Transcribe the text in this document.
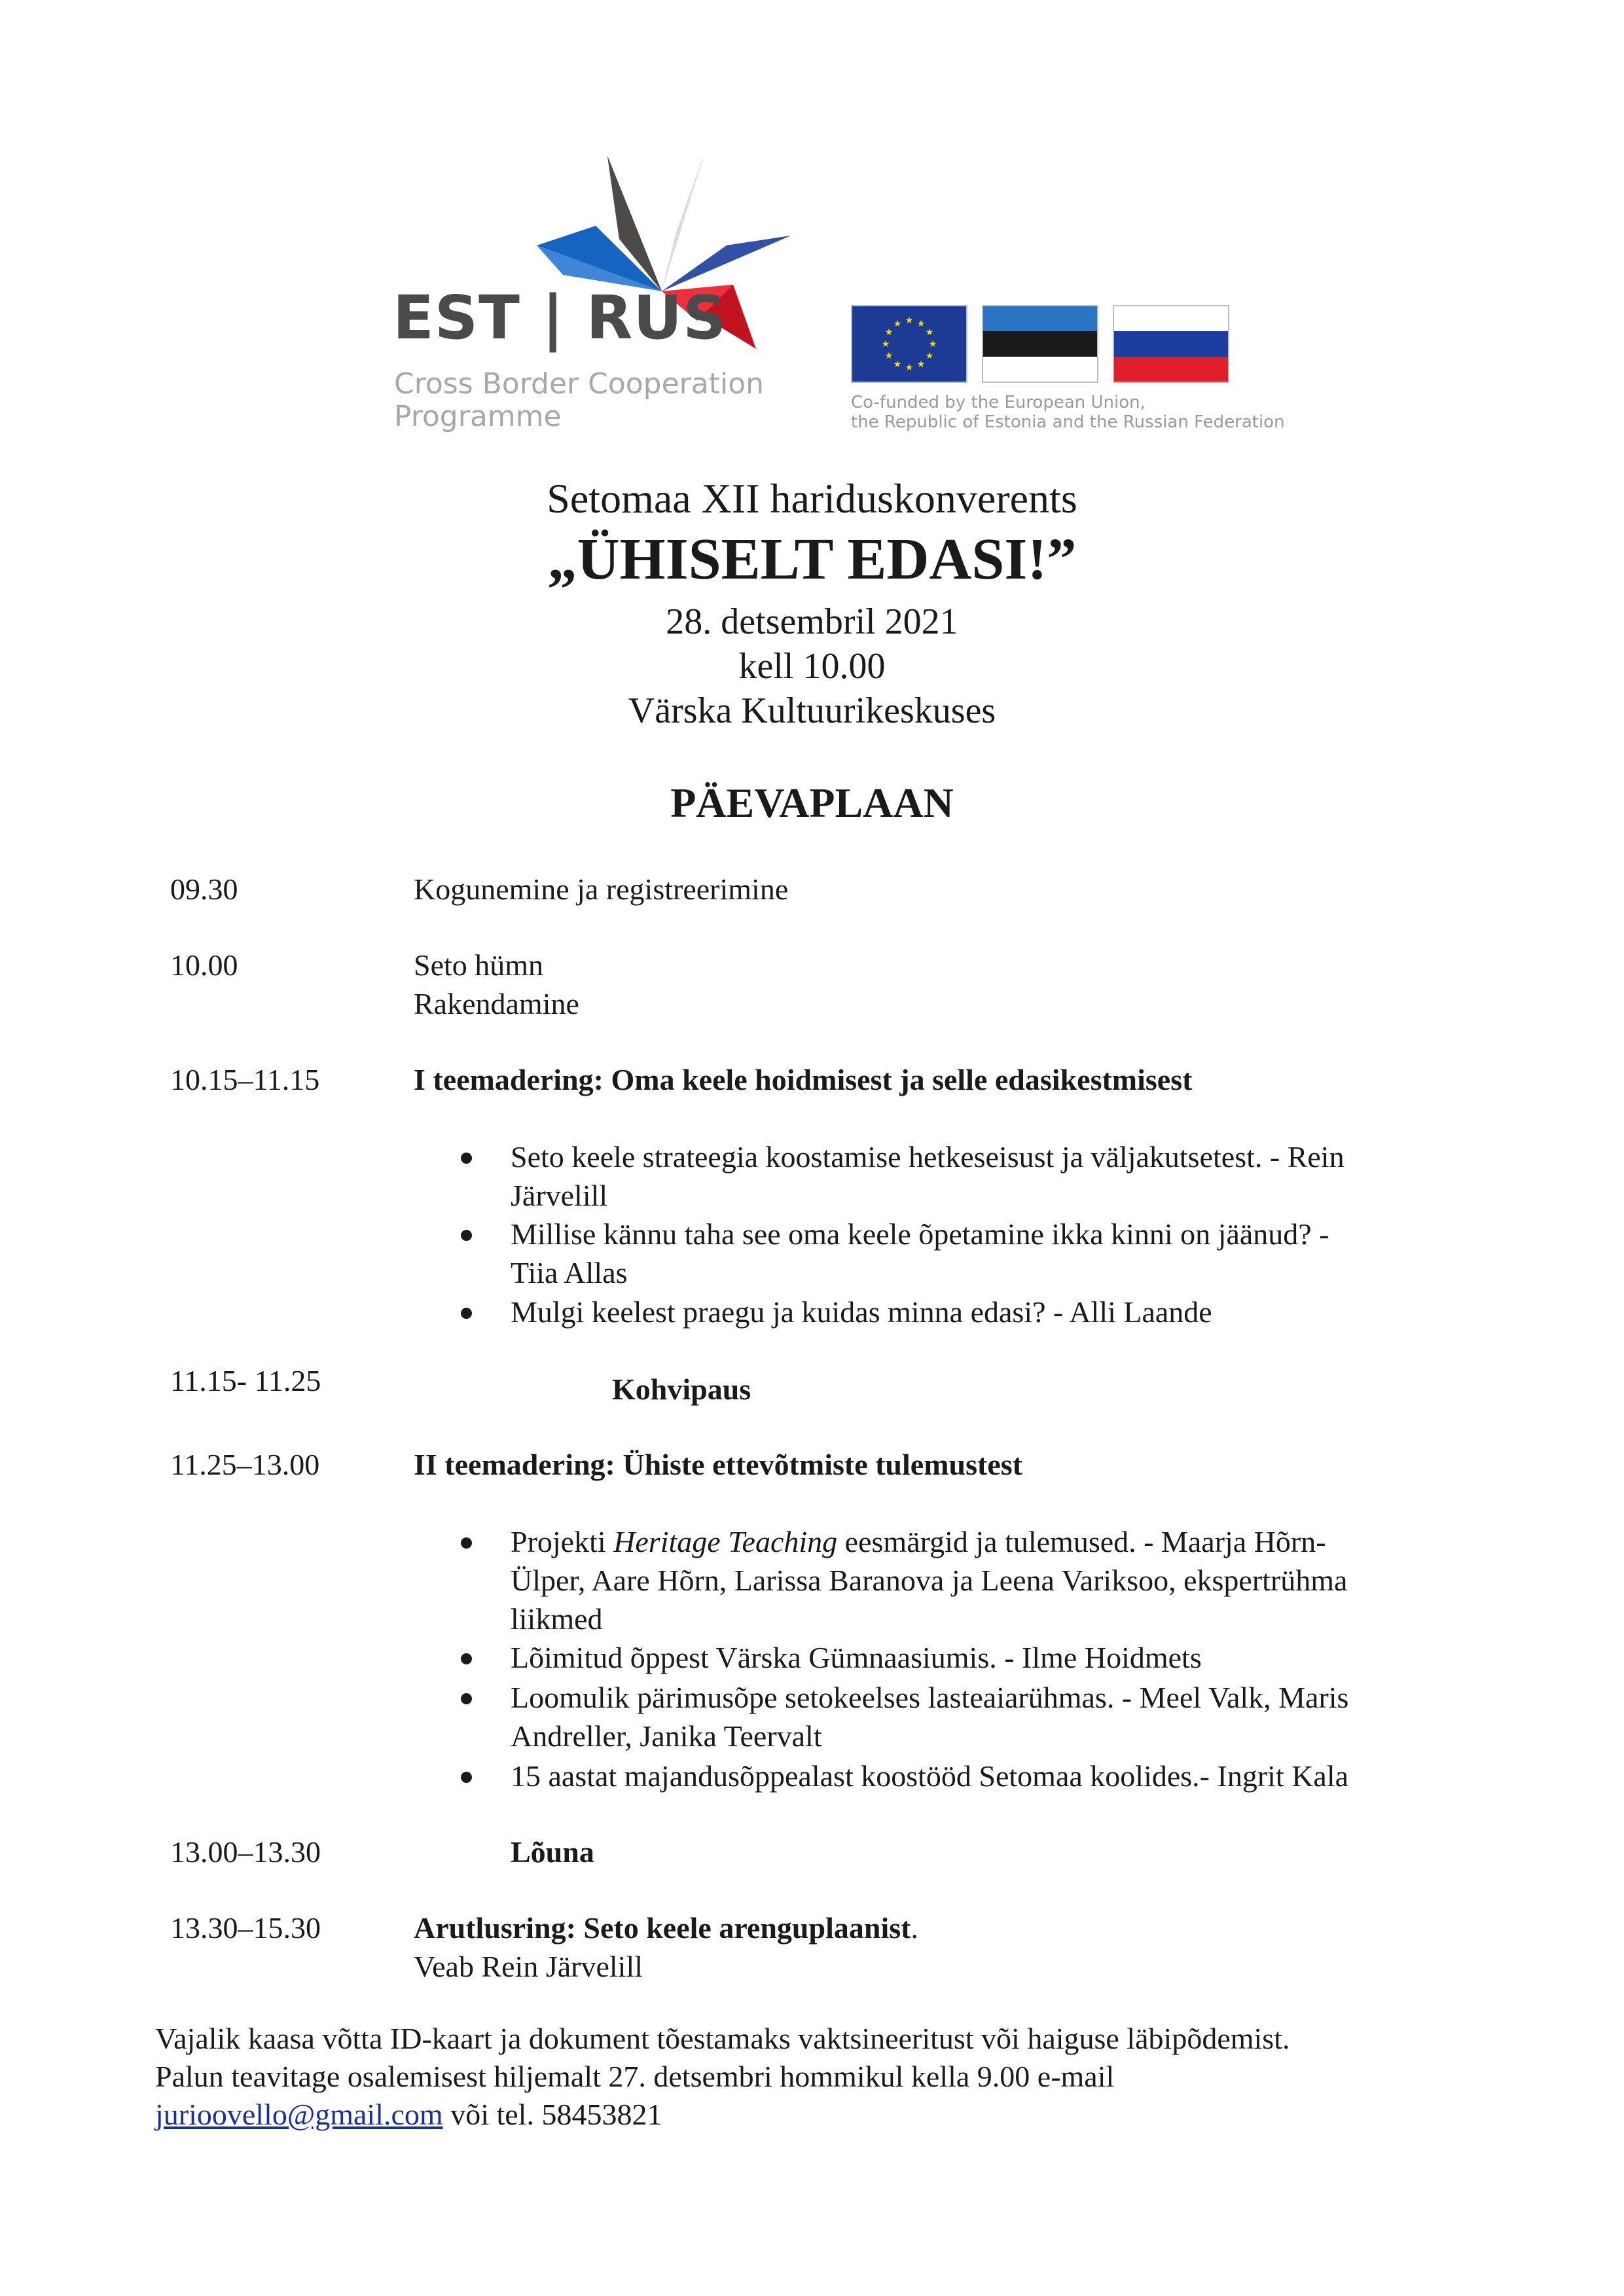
EST | RUS
Cross Border Cooperation
Programme
★ ★
★
★
★
★
★
★
★
★
★
★
Co-funded by the European Union,
the Republic of Estonia and the Russian Federation
Setomaa XII hariduskonverents
„ÜHISELT EDASI!”
28. detsembril 2021
kell 10.00
Värska Kultuurikeskuses
PÄEVAPLAAN
09.30	Kogunemine ja registreerimine
10.00	Seto hümn
Rakendamine
10.15–11.15	I teemadering: Oma keele hoidmisest ja selle edasikestmisest
Seto keele strateegia koostamise hetkeseisust ja väljakutsetest. - Rein
Järvelill
Millise kännu taha see oma keele õpetamine ikka kinni on jäänud? -
Tiia Allas
Mulgi keelest praegu ja kuidas minna edasi? - Alli Laande
11.15- 11.25	Kohvipaus
11.25–13.00	II teemadering: Ühiste ettevõtmiste tulemustest
Projekti Heritage Teaching eesmärgid ja tulemused. - Maarja Hõrn-
Ülper, Aare Hõrn, Larissa Baranova ja Leena Variksoo, ekspertrühma
liikmed
Lõimitud õppest Värska Gümnaasiumis. - Ilme Hoidmets
Loomulik pärimusõpe setokeelses lasteaiarühmas. - Meel Valk, Maris
Andreller, Janika Teervalt
15 aastat majandusõppealast koostööd Setomaa koolides.- Ingrit Kala
13.00–13.30	Lõuna
13.30–15.30	Arutlusring: Seto keele arenguplaanist.
Veab Rein Järvelill
Vajalik kaasa võtta ID-kaart ja dokument tõestamaks vaktsineeritust või haiguse läbipõdemist.
Palun teavitage osalemisest hiljemalt 27. detsembri hommikul kella 9.00 e-mail
jurioovello@gmail.com või tel. 58453821
